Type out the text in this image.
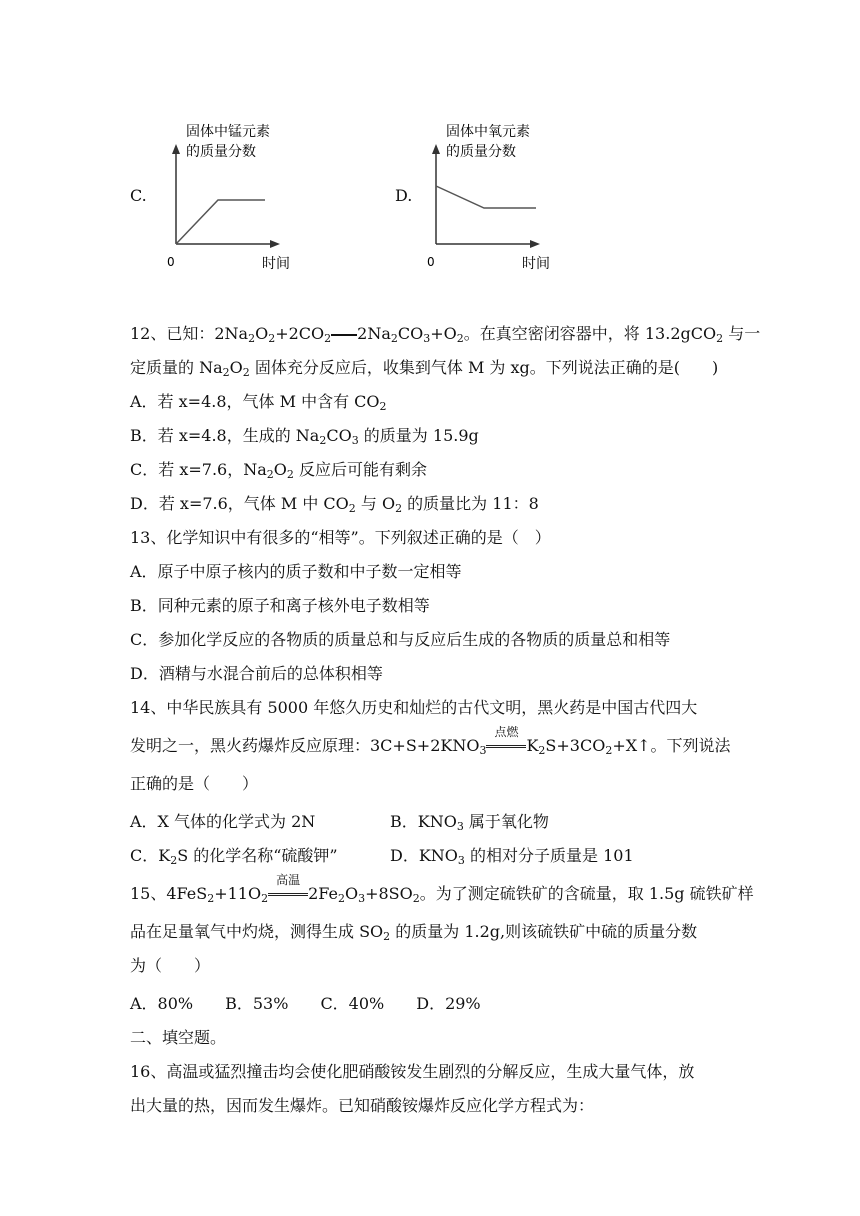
C.
固体中锰元素
的质量分数
0	时间
D.
固体中氧元素
的质量分数
0	时间
12、已知：$2Na_2O_2+2CO_2$ $2Na_2CO_3+O_2$。在真空密闭容器中，将 13.2gCO$_2$ 与一
定质量的 $Na_2O_2$ 固体充分反应后，收集到气体 M 为 xg。下列说法正确的是(　　)
A．若 x=4.8，气体 M 中含有 $CO_2$
B．若 x=4.8，生成的 $Na_2CO_3$ 的质量为 15.9g
C．若 x=7.6，$Na_2O_2$ 反应后可能有剩余
D．若 x=7.6，气体 M 中 $CO_2$ 与 $O_2$ 的质量比为 11：8
13、化学知识中有很多的“相等”。下列叙述正确的是（　）
A．原子中原子核内的质子数和中子数一定相等
B．同种元素的原子和离子核外电子数相等
C．参加化学反应的各物质的质量总和与反应后生成的各物质的质量总和相等
D．酒精与水混合前后的总体积相等
14、中华民族具有 5000 年悠久历史和灿烂的古代文明，黑火药是中国古代四大
发明之一，黑火药爆炸反应原理：$3C+S+2KNO_3$
点燃
$K_2S+3CO_2+X↑$。下列说法
正确的是（　　）
A．X 气体的化学式为 2N	B．$KNO_3$ 属于氧化物
C．$K_2S$ 的化学名称“硫酸钾”	D．$KNO_3$ 的相对分子质量是 101
15、$4FeS_2+11O_2$
高温
$2Fe_2O_3+8SO_2$。为了测定硫铁矿的含硫量，取 1.5g 硫铁矿样
品在足量氧气中灼烧，测得生成 $SO_2$ 的质量为 1.2g,则该硫铁矿中硫的质量分数
为（　　）
A．80%　　B．53%　　C．40%　　D．29%
二、填空题。
16、高温或猛烈撞击均会使化肥硝酸铵发生剧烈的分解反应，生成大量气体，放
出大量的热，因而发生爆炸。已知硝酸铵爆炸反应化学方程式为：
